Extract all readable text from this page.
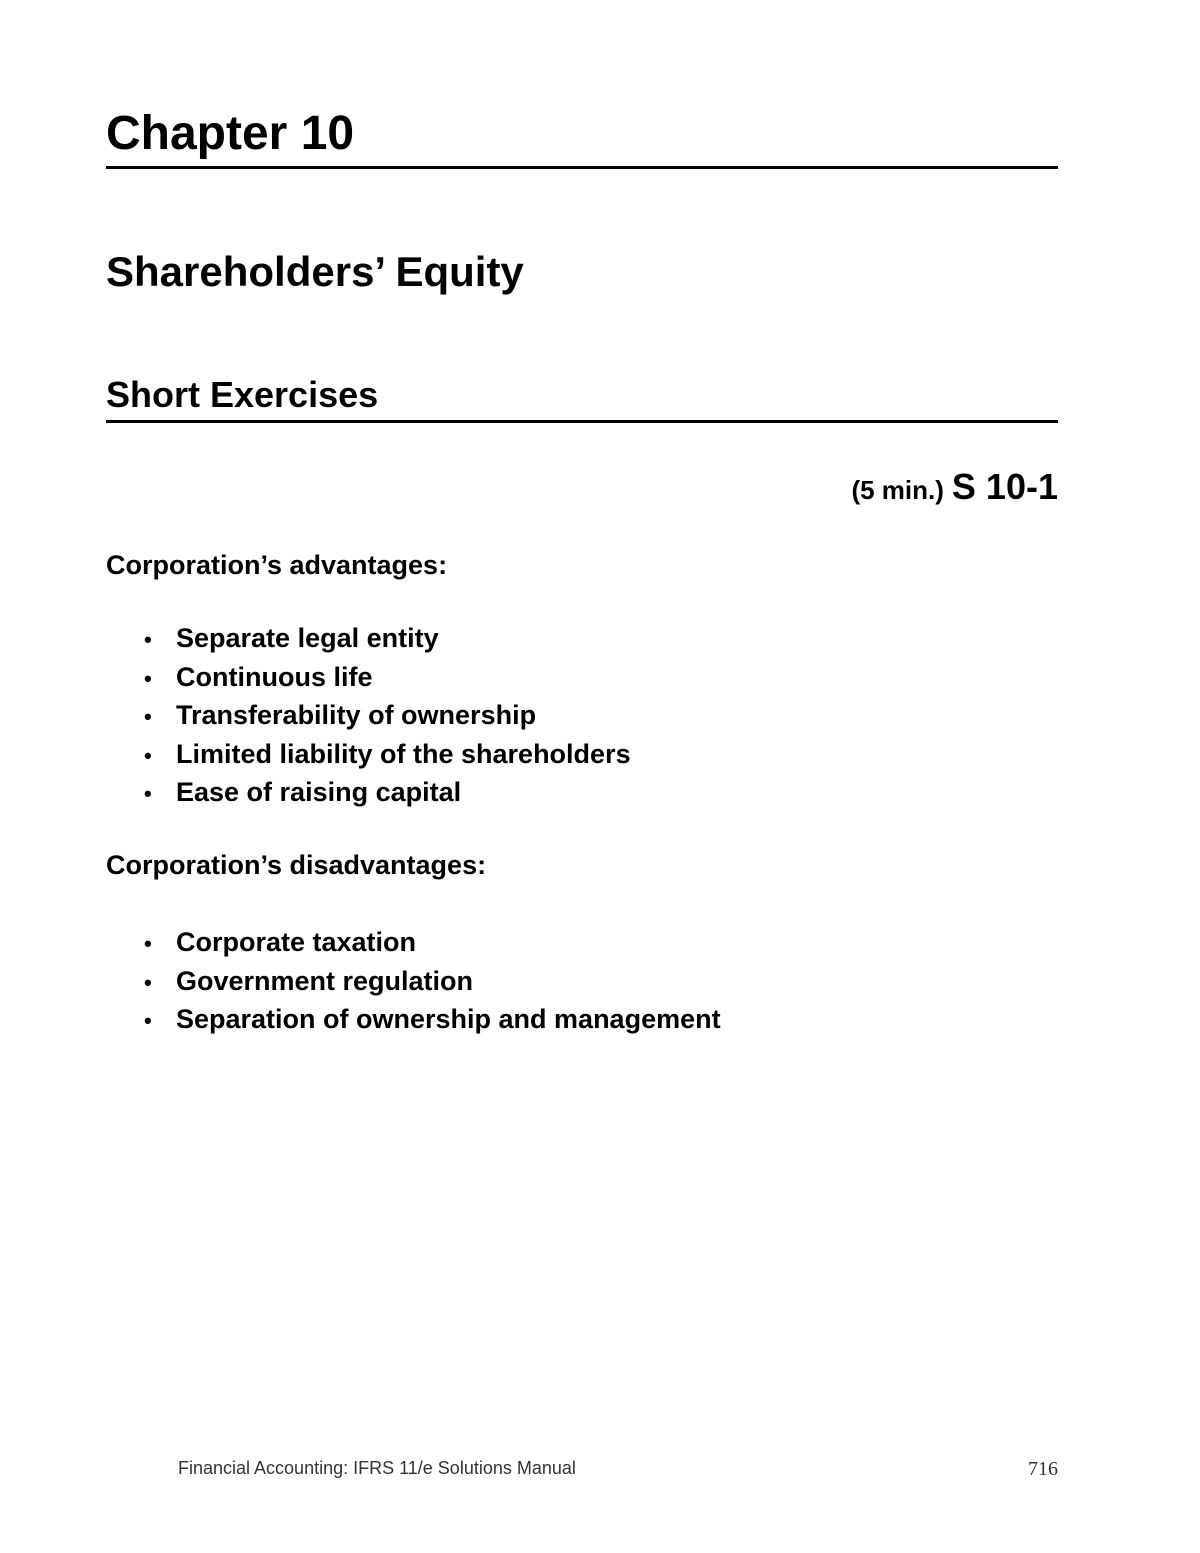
Chapter 10
Shareholders’ Equity
Short Exercises
(5 min.) S 10-1

Corporation’s advantages:

• Separate legal entity
• Continuous life
• Transferability of ownership
• Limited liability of the shareholders
• Ease of raising capital

Corporation’s disadvantages:

• Corporate taxation
• Government regulation
• Separation of ownership and management
Financial Accounting: IFRS 11/e Solutions Manual	716
